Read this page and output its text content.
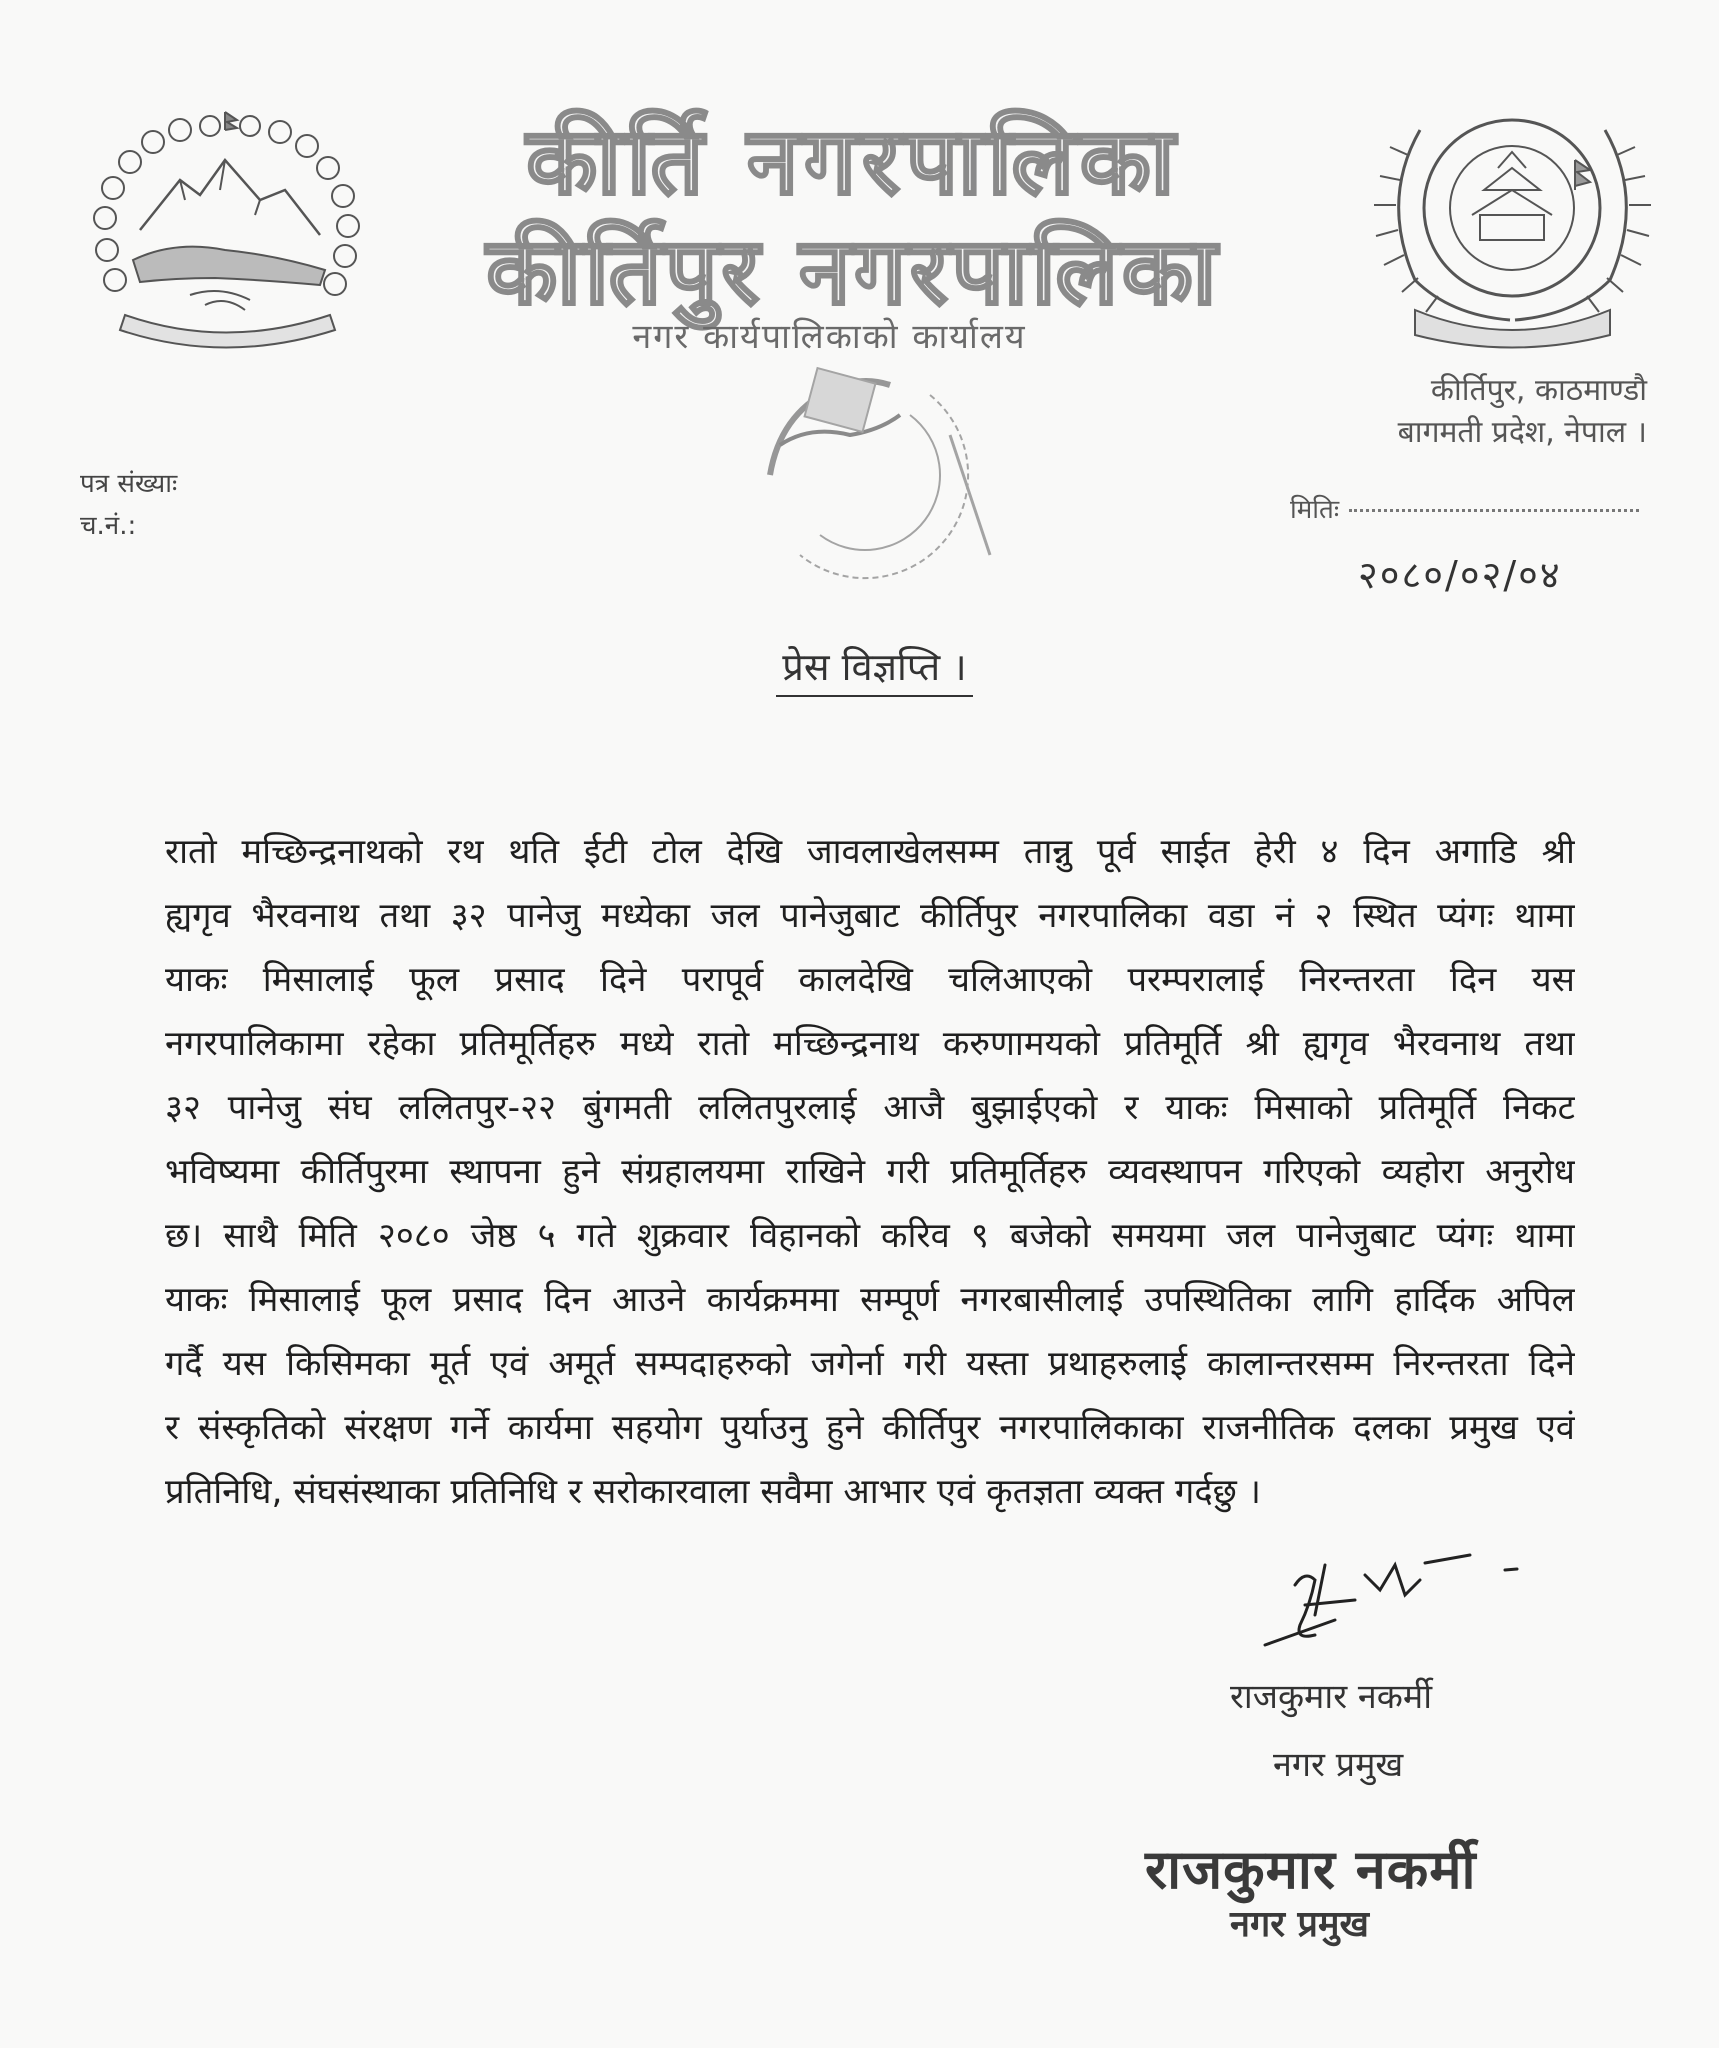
कीर्ति नगरपालिका
कीर्तिपुर नगरपालिका
नगर कार्यपालिकाको कार्यालय
कीर्तिपुर, काठमाण्डौ
बागमती प्रदेश, नेपाल ।
पत्र संख्याः
च.नं.:
मितिः
२०८०/०२/०४
प्रेस विज्ञप्ति ।
रातो मच्छिन्द्रनाथको रथ थति ईटी टोल देखि जावलाखेलसम्म तान्नु पूर्व साईत हेरी ४ दिन अगाडि श्री
ह्यगृव भैरवनाथ तथा ३२ पानेजु मध्येका जल पानेजुबाट कीर्तिपुर नगरपालिका वडा नं २ स्थित प्यंगः थामा
याकः मिसालाई फूल प्रसाद दिने परापूर्व कालदेखि चलिआएको परम्परालाई निरन्तरता दिन यस
नगरपालिकामा रहेका प्रतिमूर्तिहरु मध्ये रातो मच्छिन्द्रनाथ करुणामयको प्रतिमूर्ति श्री ह्यगृव भैरवनाथ तथा
३२ पानेजु संघ ललितपुर-२२ बुंगमती ललितपुरलाई आजै बुझाईएको र याकः मिसाको प्रतिमूर्ति निकट
भविष्यमा कीर्तिपुरमा स्थापना हुने संग्रहालयमा राखिने गरी प्रतिमूर्तिहरु व्यवस्थापन गरिएको व्यहोरा अनुरोध
छ। साथै मिति २०८० जेष्ठ ५ गते शुक्रवार विहानको करिव ९ बजेको समयमा जल पानेजुबाट प्यंगः थामा
याकः मिसालाई फूल प्रसाद दिन आउने कार्यक्रममा सम्पूर्ण नगरबासीलाई उपस्थितिका लागि हार्दिक अपिल
गर्दै यस किसिमका मूर्त एवं अमूर्त सम्पदाहरुको जगेर्ना गरी यस्ता प्रथाहरुलाई कालान्तरसम्म निरन्तरता दिने
र संस्कृतिको संरक्षण गर्ने कार्यमा सहयोग पुर्याउनु हुने कीर्तिपुर नगरपालिकाका राजनीतिक दलका प्रमुख एवं
प्रतिनिधि, संघसंस्थाका प्रतिनिधि र सरोकारवाला सवैमा आभार एवं कृतज्ञता व्यक्त गर्दछु ।
राजकुमार नकर्मी
नगर प्रमुख
राजकुमार नकर्मी
नगर प्रमुख
